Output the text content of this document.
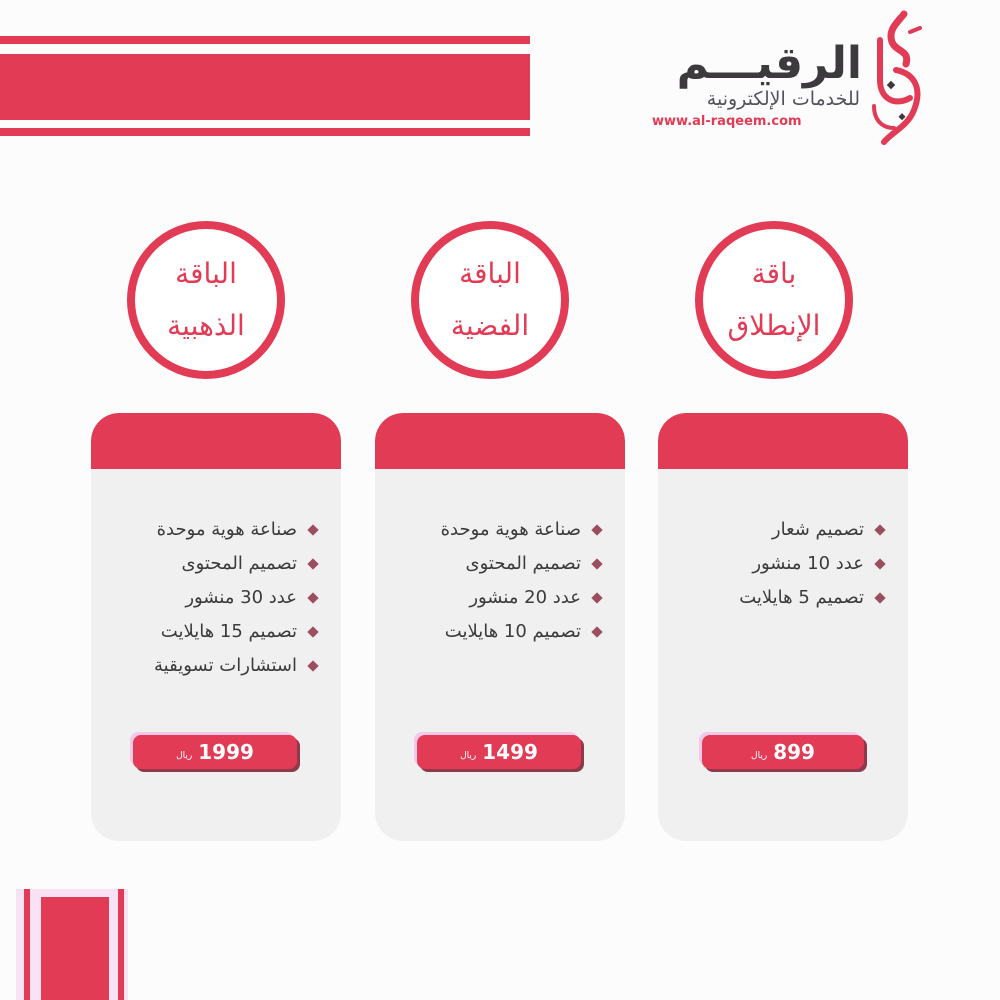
الرقيـــم
للخدمات الإلكترونية
www.al-raqeem.com
باقة
الإنطلاق
تصميم شعار
عدد 10 منشور
تصميم 5 هايلايت
ريال 899
الباقة
الفضية
صناعة هوية موحدة
تصميم المحتوى
عدد 20 منشور
تصميم 10 هايلايت
ريال 1499
الباقة
الذهبية
صناعة هوية موحدة
تصميم المحتوى
عدد 30 منشور
تصميم 15 هايلايت
استشارات تسويقية
ريال 1999
